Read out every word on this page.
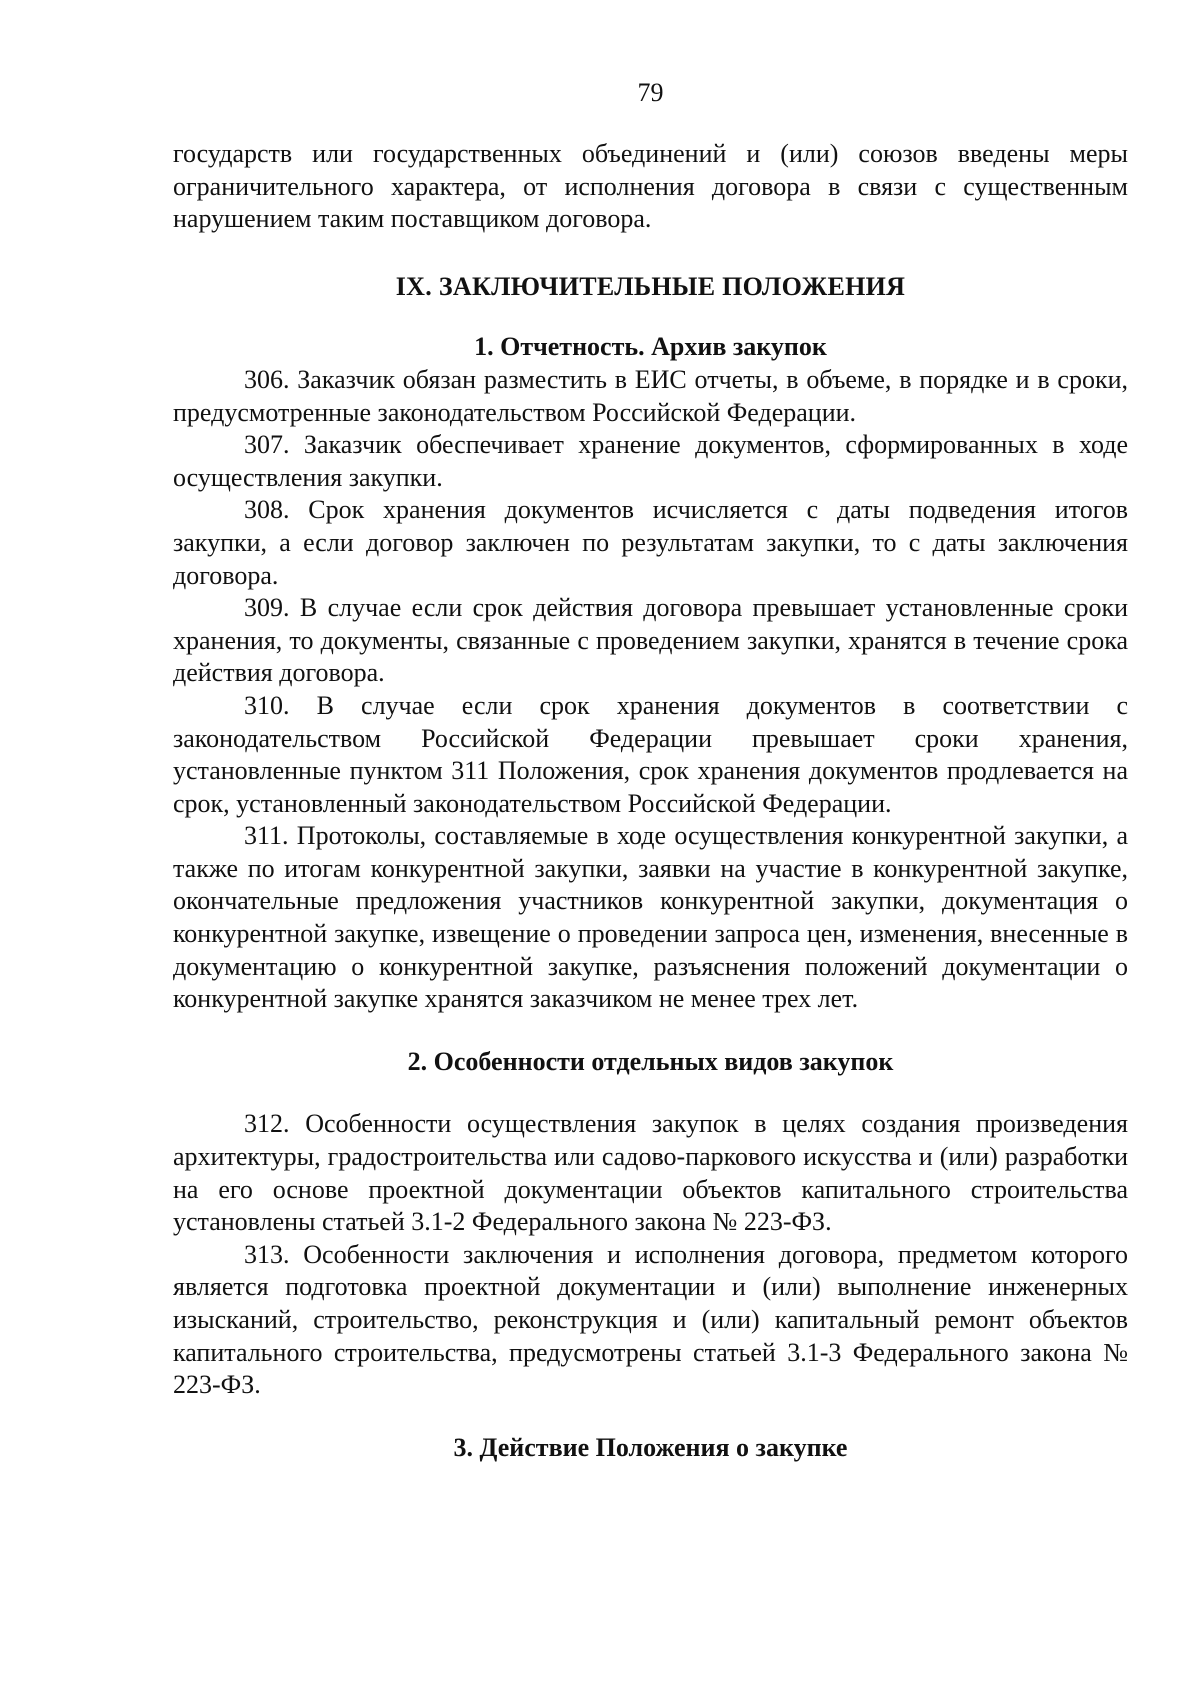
79

государств или государственных объединений и (или) союзов введены меры ограничительного характера, от исполнения договора в связи с существенным нарушением таким поставщиком договора.

IX. ЗАКЛЮЧИТЕЛЬНЫЕ ПОЛОЖЕНИЯ
1. Отчетность. Архив закупок

306. Заказчик обязан разместить в ЕИС отчеты, в объеме, в порядке и в сроки, предусмотренные законодательством Российской Федерации.

307. Заказчик обеспечивает хранение документов, сформированных в ходе осуществления закупки.

308. Срок хранения документов исчисляется с даты подведения итогов закупки, а если договор заключен по результатам закупки, то с даты заключения договора.

309. В случае если срок действия договора превышает установленные сроки хранения, то документы, связанные с проведением закупки, хранятся в течение срока действия договора.

310. В случае если срок хранения документов в соответствии с законодательством Российской Федерации превышает сроки хранения, установленные пунктом 311 Положения, срок хранения документов продлевается на срок, установленный законодательством Российской Федерации.

311. Протоколы, составляемые в ходе осуществления конкурентной закупки, а также по итогам конкурентной закупки, заявки на участие в конкурентной закупке, окончательные предложения участников конкурентной закупки, документация о конкурентной закупке, извещение о проведении запроса цен, изменения, внесенные в документацию о конкурентной закупке, разъяснения положений документации о конкурентной закупке хранятся заказчиком не менее трех лет.

2. Особенности отдельных видов закупок

312. Особенности осуществления закупок в целях создания произведения архитектуры, градостроительства или садово-паркового искусства и (или) разработки на его основе проектной документации объектов капитального строительства установлены статьей 3.1-2 Федерального закона № 223-ФЗ.

313. Особенности заключения и исполнения договора, предметом которого является подготовка проектной документации и (или) выполнение инженерных изысканий, строительство, реконструкция и (или) капитальный ремонт объектов капитального строительства, предусмотрены статьей 3.1-3 Федерального закона № 223-ФЗ.

3. Действие Положения о закупке
